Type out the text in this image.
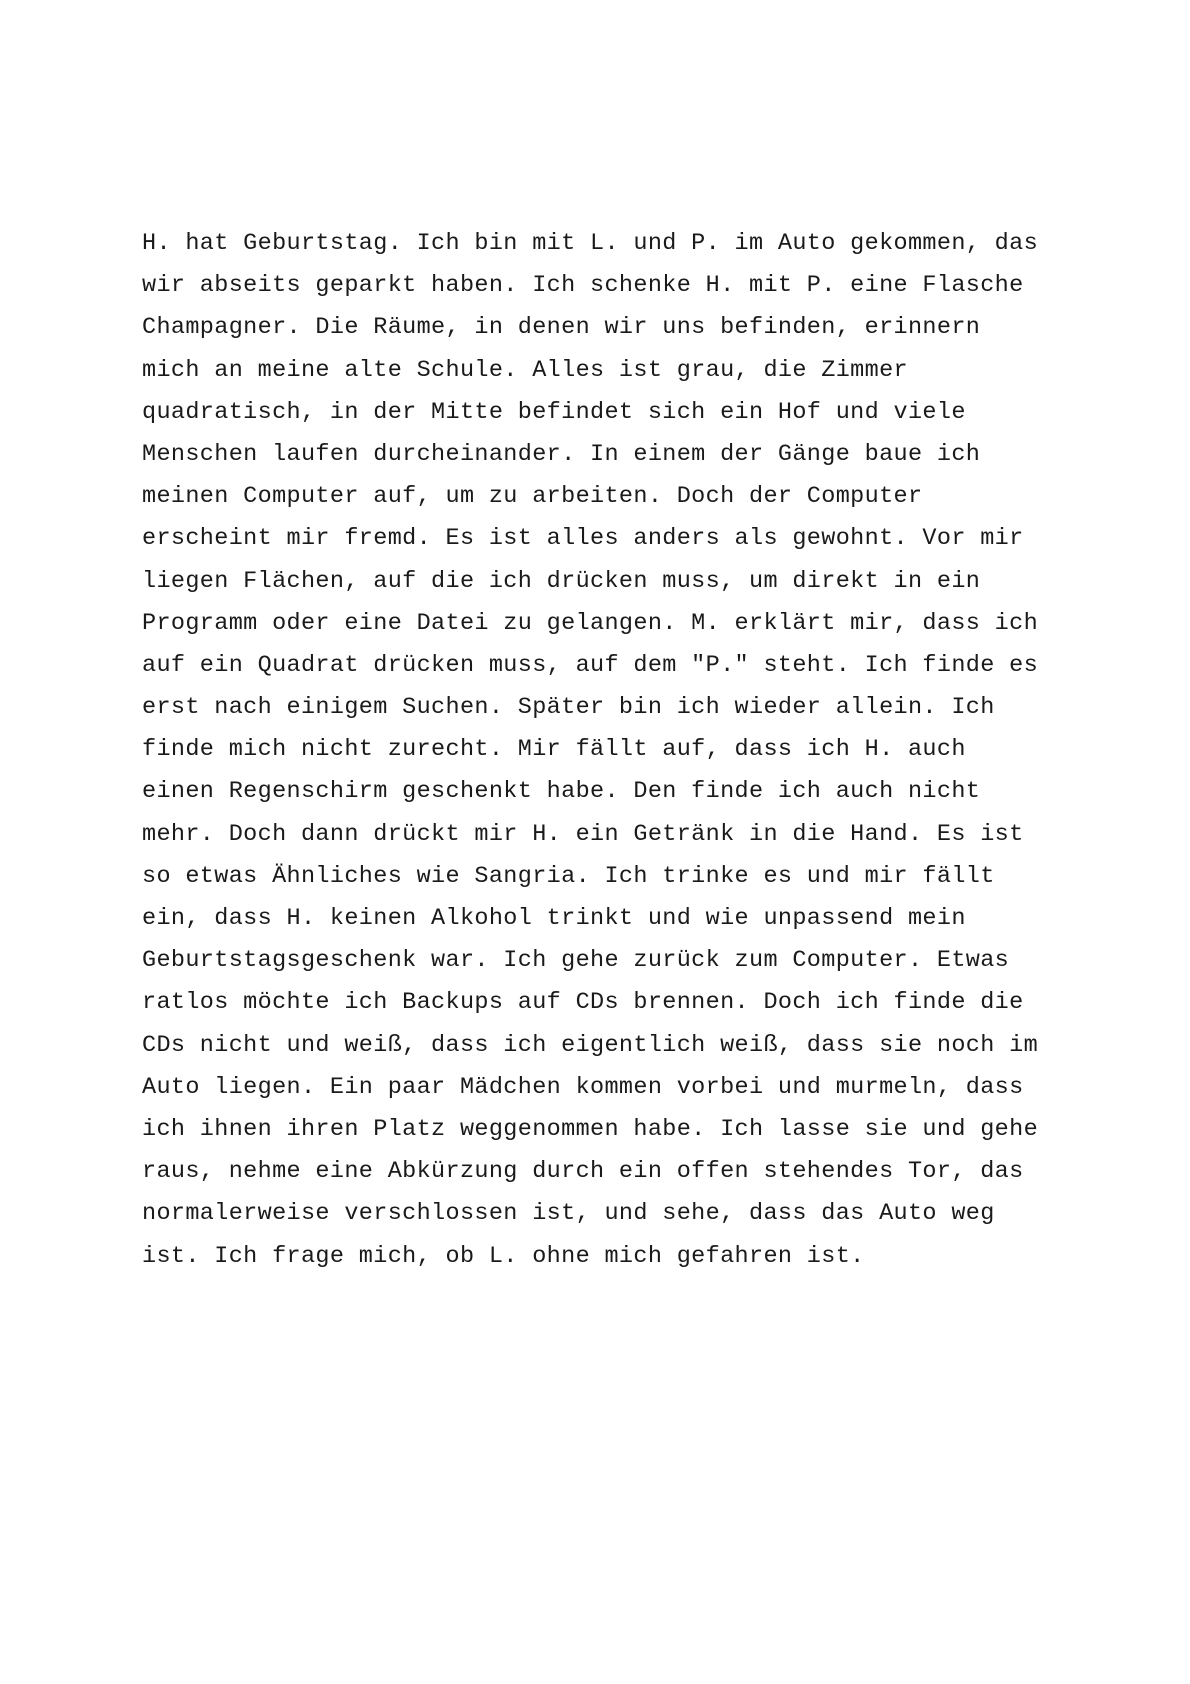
H. hat Geburtstag. Ich bin mit L. und P. im Auto gekommen, das
wir abseits geparkt haben. Ich schenke H. mit P. eine Flasche
Champagner. Die Räume, in denen wir uns befinden, erinnern
mich an meine alte Schule. Alles ist grau, die Zimmer
quadratisch, in der Mitte befindet sich ein Hof und viele
Menschen laufen durcheinander. In einem der Gänge baue ich
meinen Computer auf, um zu arbeiten. Doch der Computer
erscheint mir fremd. Es ist alles anders als gewohnt. Vor mir
liegen Flächen, auf die ich drücken muss, um direkt in ein
Programm oder eine Datei zu gelangen. M. erklärt mir, dass ich
auf ein Quadrat drücken muss, auf dem "P." steht. Ich finde es
erst nach einigem Suchen. Später bin ich wieder allein. Ich
finde mich nicht zurecht. Mir fällt auf, dass ich H. auch
einen Regenschirm geschenkt habe. Den finde ich auch nicht
mehr. Doch dann drückt mir H. ein Getränk in die Hand. Es ist
so etwas Ähnliches wie Sangria. Ich trinke es und mir fällt
ein, dass H. keinen Alkohol trinkt und wie unpassend mein
Geburtstagsgeschenk war. Ich gehe zurück zum Computer. Etwas
ratlos möchte ich Backups auf CDs brennen. Doch ich finde die
CDs nicht und weiß, dass ich eigentlich weiß, dass sie noch im
Auto liegen. Ein paar Mädchen kommen vorbei und murmeln, dass
ich ihnen ihren Platz weggenommen habe. Ich lasse sie und gehe
raus, nehme eine Abkürzung durch ein offen stehendes Tor, das
normalerweise verschlossen ist, und sehe, dass das Auto weg
ist. Ich frage mich, ob L. ohne mich gefahren ist.
